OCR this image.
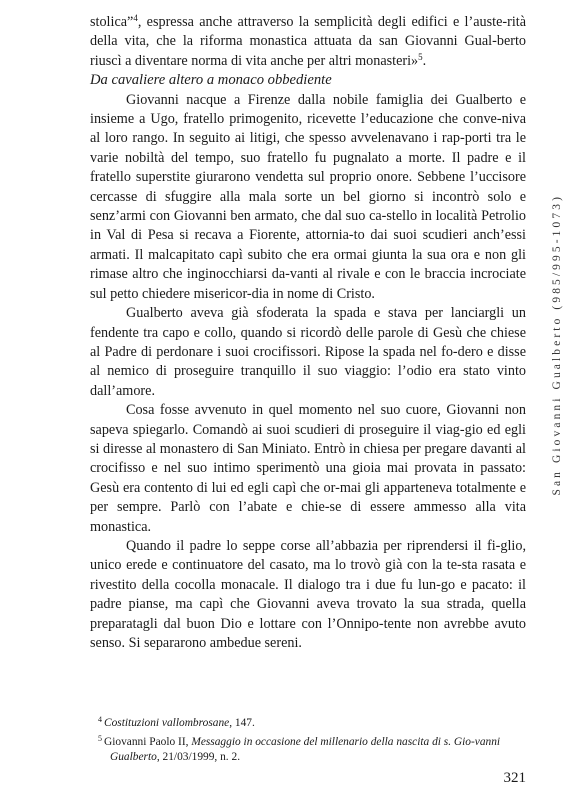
stolica”$^4$, espressa anche attraverso la semplicità degli edifici e l’auste-rità della vita, che la riforma monastica attuata da san Giovanni Gual-berto riuscì a diventare norma di vita anche per altri monasteri»$^5$.

Da cavaliere altero a monaco obbediente

Giovanni nacque a Firenze dalla nobile famiglia dei Gualberto e insieme a Ugo, fratello primogenito, ricevette l’educazione che conve-niva al loro rango. In seguito ai litigi, che spesso avvelenavano i rap-porti tra le varie nobiltà del tempo, suo fratello fu pugnalato a morte. Il padre e il fratello superstite giurarono vendetta sul proprio onore. Sebbene l’uccisore cercasse di sfuggire alla mala sorte un bel giorno si incontrò solo e senz’armi con Giovanni ben armato, che dal suo ca-stello in località Petrolio in Val di Pesa si recava a Fiorente, attornia-to dai suoi scudieri anch’essi armati. Il malcapitato capì subito che era ormai giunta la sua ora e non gli rimase altro che inginocchiarsi da-vanti al rivale e con le braccia incrociate sul petto chiedere misericor-dia in nome di Cristo.

Gualberto aveva già sfoderata la spada e stava per lanciargli un fendente tra capo e collo, quando si ricordò delle parole di Gesù che chiese al Padre di perdonare i suoi crocifissori. Ripose la spada nel fo-dero e disse al nemico di proseguire tranquillo il suo viaggio: l’odio era stato vinto dall’amore.

Cosa fosse avvenuto in quel momento nel suo cuore, Giovanni non sapeva spiegarlo. Comandò ai suoi scudieri di proseguire il viag-gio ed egli si diresse al monastero di San Miniato. Entrò in chiesa per pregare davanti al crocifisso e nel suo intimo sperimentò una gioia mai provata in passato: Gesù era contento di lui ed egli capì che or-mai gli apparteneva totalmente e per sempre. Parlò con l’abate e chie-se di essere ammesso alla vita monastica.

Quando il padre lo seppe corse all’abbazia per riprendersi il fi-glio, unico erede e continuatore del casato, ma lo trovò già con la te-sta rasata e rivestito della cocolla monacale. Il dialogo tra i due fu lun-go e pacato: il padre pianse, ma capì che Giovanni aveva trovato la sua strada, quella preparatagli dal buon Dio e lottare con l’Onnipo-tente non avrebbe avuto senso. Si separarono ambedue sereni.

$^4$ Costituzioni vallombrosane, 147.

$^5$ Giovanni Paolo II, Messaggio in occasione del millenario della nascita di s. Gio-vanni Gualberto, 21/03/1999, n. 2.

321
San Giovanni Gualberto (985/995-1073)
